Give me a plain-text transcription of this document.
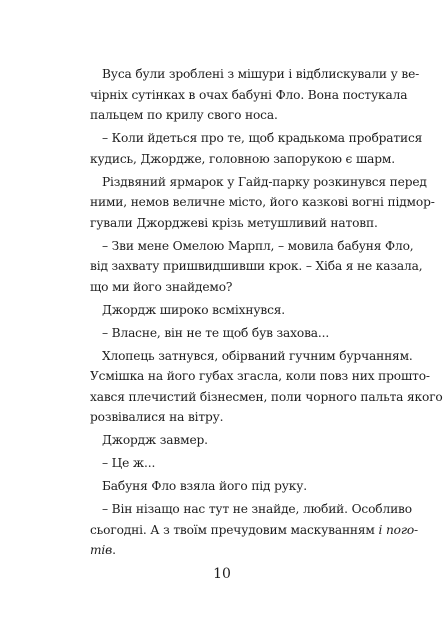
Вуса були зроблені з мішури і відблискували у ве-
чірніх сутінках в очах бабуні Фло. Вона постукала
пальцем по крилу свого носа.
– Коли йдеться про те, щоб крадькома пробратися
кудись, Джордже, головною запорукою є шарм.
Різдвяний ярмарок у Гайд-парку розкинувся перед
ними, немов величне місто, його казкові вогні підмор-
гували Джорджеві крізь метушливий натовп.
– Зви мене Омелою Марпл, – мовила бабуня Фло,
від захвату пришвидшивши крок. – Хіба я не казала,
що ми його знайдемо?
Джордж широко всміхнувся.
– Власне, він не те щоб був захова...
Хлопець затнувся, обірваний гучним бурчанням.
Усмішка на його губах згасла, коли повз них прошто-
хався плечистий бізнесмен, поли чорного пальта якого
розвівалися на вітру.
Джордж завмер.
– Це ж...
Бабуня Фло взяла його під руку.
– Він нізащо нас тут не знайде, любий. Особливо
сьогодні. А з твоїм пречудовим маскуванням і пого-
тів.
10
